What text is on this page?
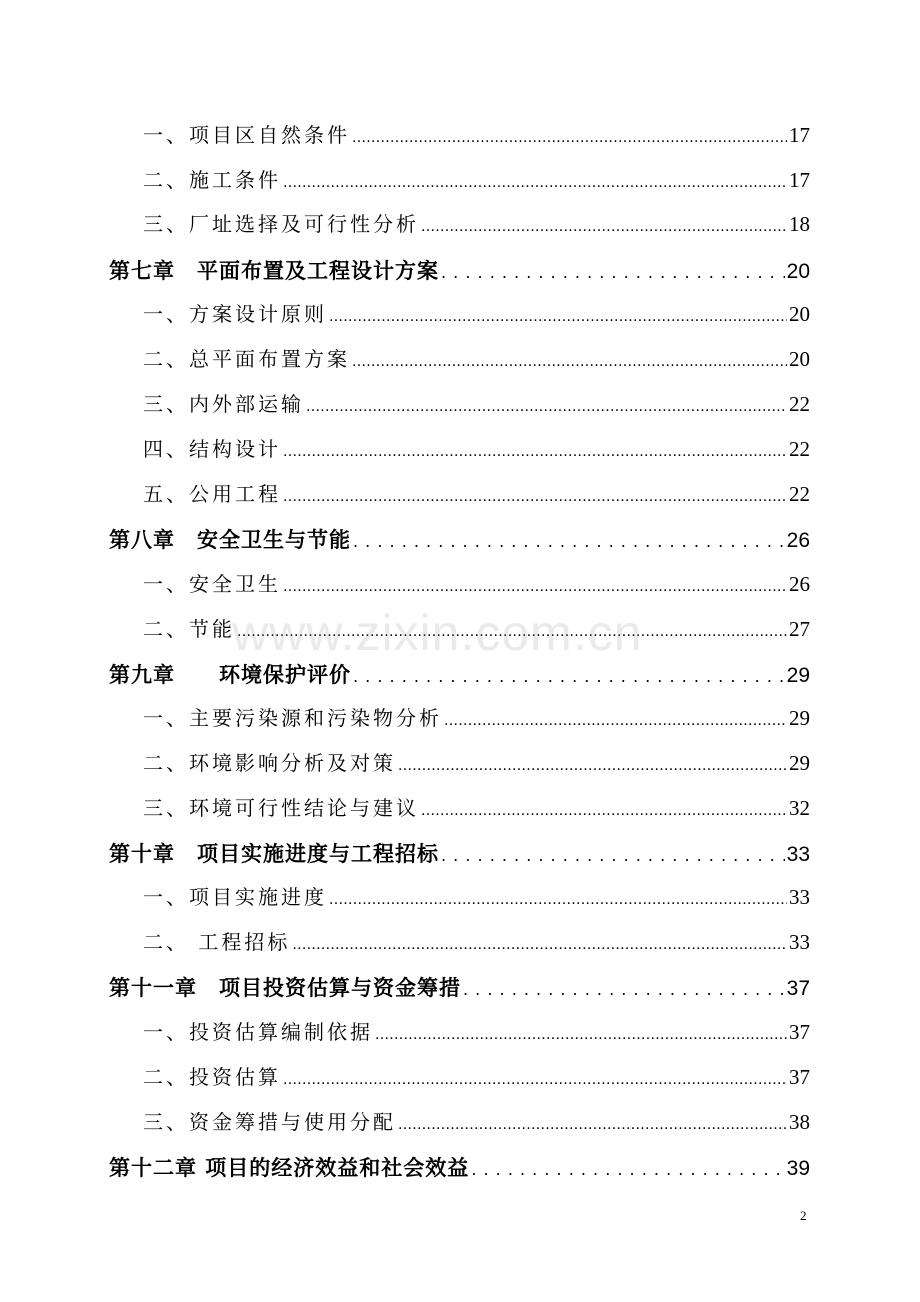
一、项目区自然条件 .....	17
二、施工条件 .....	17
三、厂址选择及可行性分析 .....	18
第七章　平面布置及工程设计方案 . . .	20
一、方案设计原则 .....	20
二、总平面布置方案 .....	20
三、内外部运输 .....	22
四、结构设计 .....	22
五、公用工程 .....	22
第八章　安全卫生与节能 . . .	26
一、安全卫生 .....	26
二、节能 .....	27
第九章　　环境保护评价 . . .	29
一、主要污染源和污染物分析 .....	29
二、环境影响分析及对策 .....	29
三、环境可行性结论与建议 .....	32
第十章　项目实施进度与工程招标 . . .	33
一、项目实施进度 .....	33
二、 工程招标 .....	33
第十一章　项目投资估算与资金筹措 . . .	37
一、投资估算编制依据 .....	37
二、投资估算 .....	37
三、资金筹措与使用分配 .....	38
第十二章 项目的经济效益和社会效益 . . .	39
www.zixin.com.cn
2
